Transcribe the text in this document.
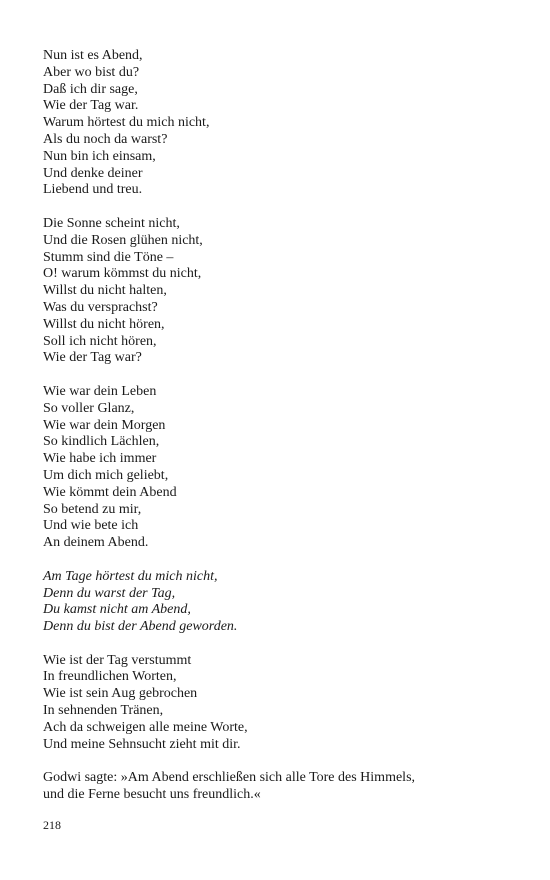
Nun ist es Abend,
Aber wo bist du?
Daß ich dir sage,
Wie der Tag war.
Warum hörtest du mich nicht,
Als du noch da warst?
Nun bin ich einsam,
Und denke deiner
Liebend und treu.
Die Sonne scheint nicht,
Und die Rosen glühen nicht,
Stumm sind die Töne –
O! warum kömmst du nicht,
Willst du nicht halten,
Was du versprachst?
Willst du nicht hören,
Soll ich nicht hören,
Wie der Tag war?
Wie war dein Leben
So voller Glanz,
Wie war dein Morgen
So kindlich Lächlen,
Wie habe ich immer
Um dich mich geliebt,
Wie kömmt dein Abend
So betend zu mir,
Und wie bete ich
An deinem Abend.
Am Tage hörtest du mich nicht,
Denn du warst der Tag,
Du kamst nicht am Abend,
Denn du bist der Abend geworden.
Wie ist der Tag verstummt
In freundlichen Worten,
Wie ist sein Aug gebrochen
In sehnenden Tränen,
Ach da schweigen alle meine Worte,
Und meine Sehnsucht zieht mit dir.
Godwi sagte: »Am Abend erschließen sich alle Tore des Himmels,
und die Ferne besucht uns freundlich.«
218
